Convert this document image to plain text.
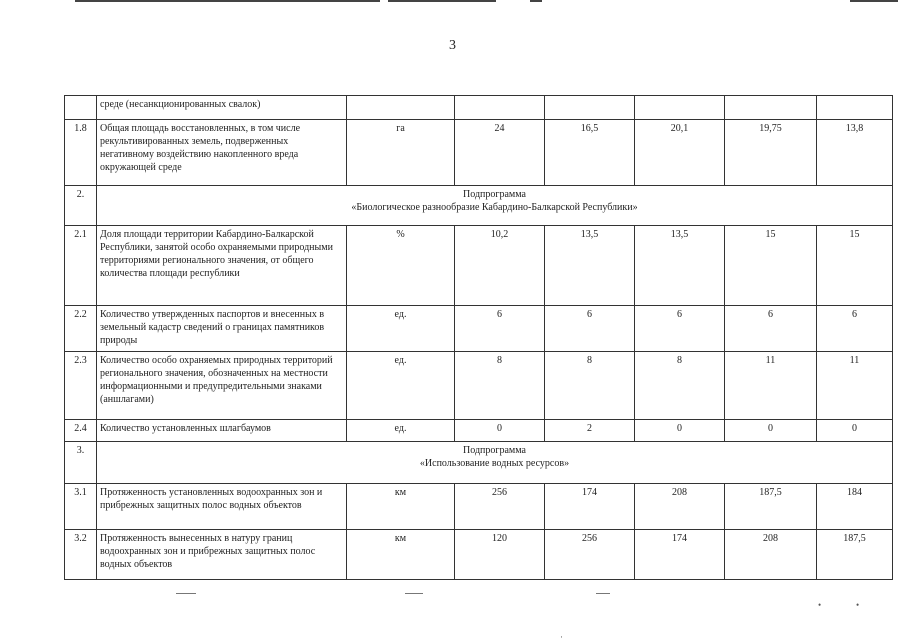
3
	среде (несанкционированных свалок)						
1.8	Общая площадь восстановленных, в том числе рекультивированных земель, подверженных негативному воздействию накопленного вреда окружающей среде	га	24	16,5	20,1	19,75	13,8
2.	Подпрограмма
«Биологическое разнообразие Кабардино-Балкарской Республики»						

2.1	Доля площади территории Кабардино-Балкарской Республики, занятой особо охраняемыми природными территориями регионального значения, от общего количества площади республики	%	10,2	13,5	13,5	15	15
2.2	Количество утвержденных паспортов и внесенных в земельный кадастр сведений о границах памятников природы	ед.	6	6	6	6	6
2.3	Количество особо охраняемых природных территорий регионального значения, обозначенных на местности информационными и предупредительными знаками (аншлагами)	ед.	8	8	8	11	11
2.4	Количество установленных шлагбаумов	ед.	0	2	0	0	0
3.	Подпрограмма
«Использование водных ресурсов»						

3.1	Протяженность установленных водоохранных зон и прибрежных защитных полос водных объектов	км	256	174	208	187,5	184
3.2	Протяженность вынесенных в натуру границ водоохранных зон и прибрежных защитных полос водных объектов	км	120	256	174	208	187,5
•	•
·
